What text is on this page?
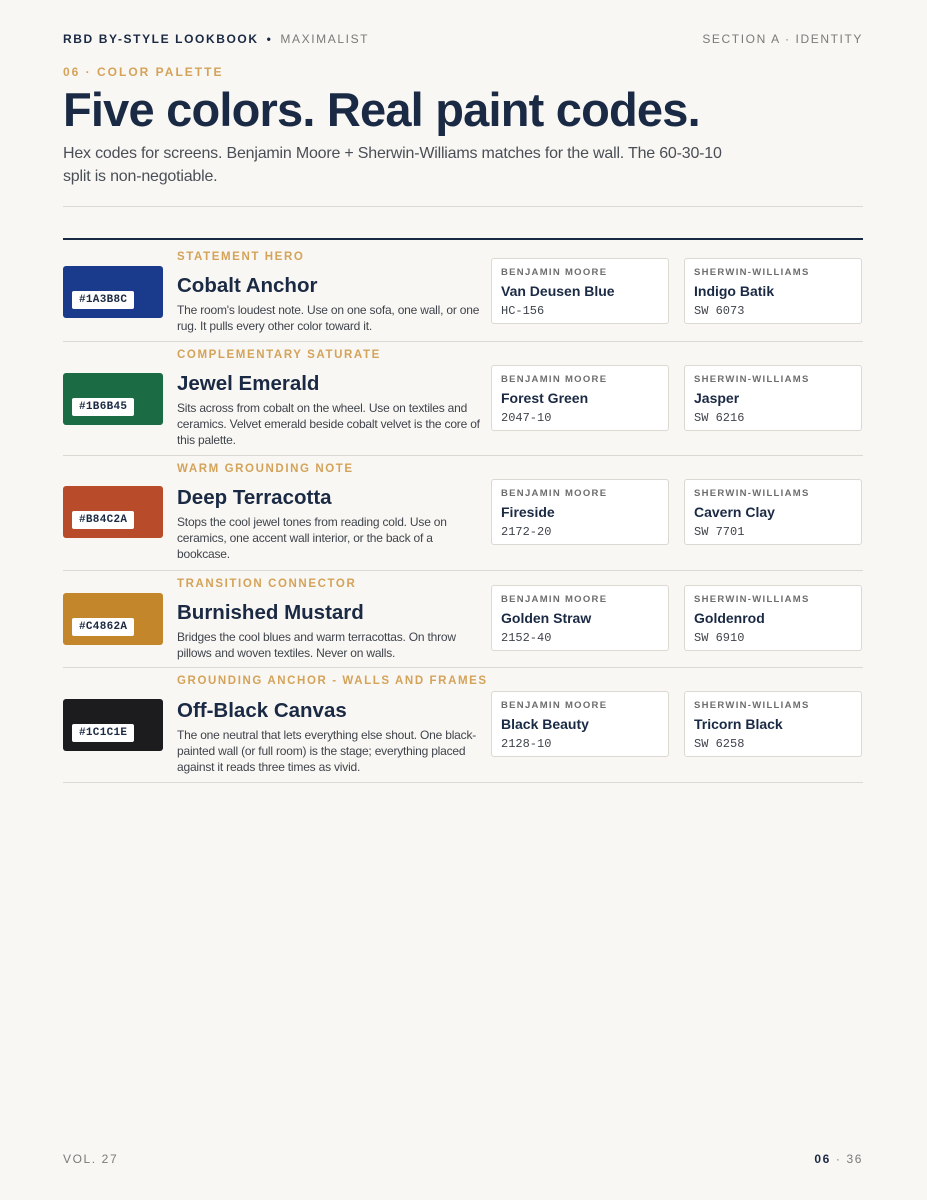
RBD BY-STYLE LOOKBOOK • MAXIMALIST	SECTION A · IDENTITY
06 · COLOR PALETTE
Five colors. Real paint codes.

Hex codes for screens. Benjamin Moore + Sherwin-Williams matches for the wall. The 60-30-10 split is non-negotiable.

#1A3B8C
STATEMENT HERO
Cobalt Anchor

The room's loudest note. Use on one sofa, one wall, or one rug. It pulls every other color toward it.

BENJAMIN MOORE
Van Deusen Blue
HC-156
SHERWIN-WILLIAMS
Indigo Batik
SW 6073
#1B6B45
COMPLEMENTARY SATURATE
Jewel Emerald

Sits across from cobalt on the wheel. Use on textiles and ceramics. Velvet emerald beside cobalt velvet is the core of this palette.

BENJAMIN MOORE
Forest Green
2047-10
SHERWIN-WILLIAMS
Jasper
SW 6216
#B84C2A
WARM GROUNDING NOTE
Deep Terracotta

Stops the cool jewel tones from reading cold. Use on ceramics, one accent wall interior, or the back of a bookcase.

BENJAMIN MOORE
Fireside
2172-20
SHERWIN-WILLIAMS
Cavern Clay
SW 7701
#C4862A
TRANSITION CONNECTOR
Burnished Mustard

Bridges the cool blues and warm terracottas. On throw pillows and woven textiles. Never on walls.

BENJAMIN MOORE
Golden Straw
2152-40
SHERWIN-WILLIAMS
Goldenrod
SW 6910
#1C1C1E
GROUNDING ANCHOR - WALLS AND FRAMES
Off-Black Canvas

The one neutral that lets everything else shout. One black-painted wall (or full room) is the stage; everything placed against it reads three times as vivid.

BENJAMIN MOORE
Black Beauty
2128-10
SHERWIN-WILLIAMS
Tricorn Black
SW 6258
VOL. 27	06 · 36
